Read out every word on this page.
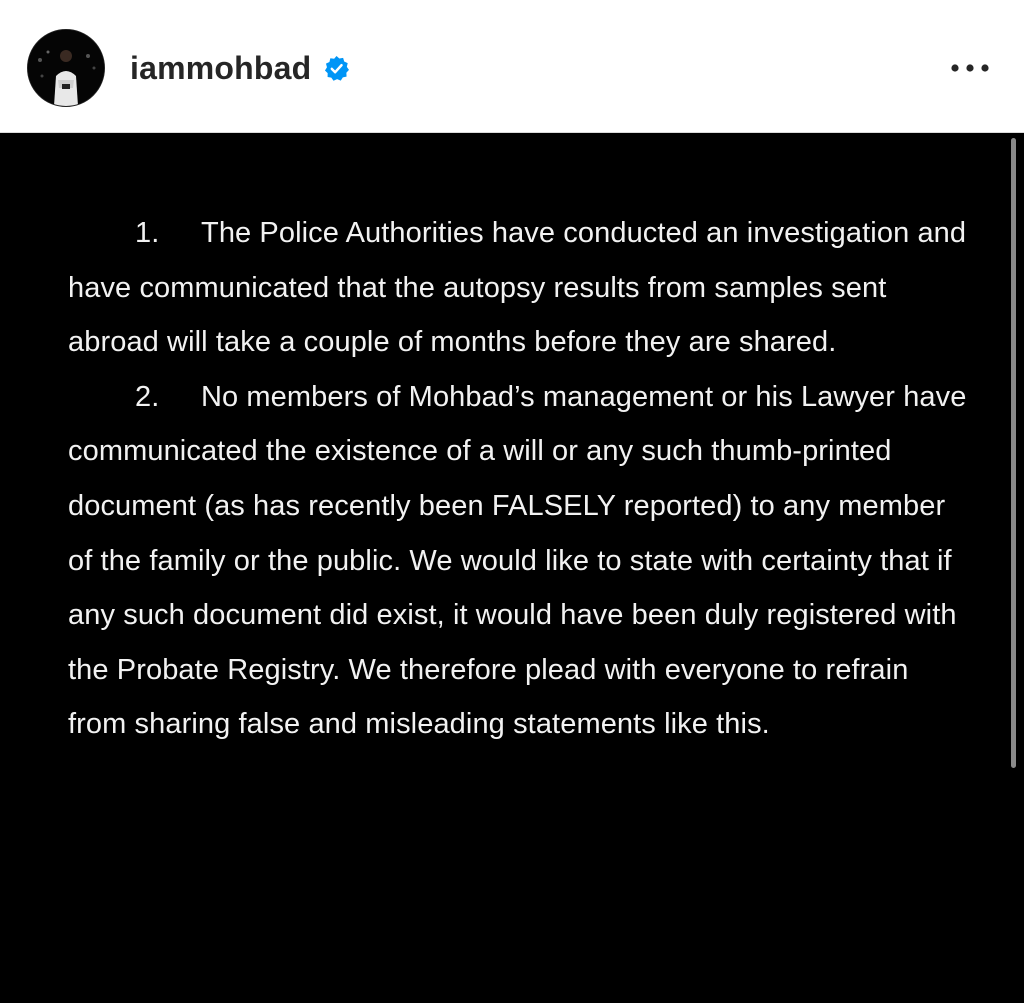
iammohbad

1. The Police Authorities have conducted an investigation and have communicated that the autopsy results from samples sent abroad will take a couple of months before they are shared.

2. No members of Mohbad’s management or his Lawyer have communicated the existence of a will or any such thumb-printed document (as has recently been FALSELY reported) to any member of the family or the public. We would like to state with certainty that if any such document did exist, it would have been duly registered with the Probate Registry. We therefore plead with everyone to refrain from sharing false and misleading statements like this.
